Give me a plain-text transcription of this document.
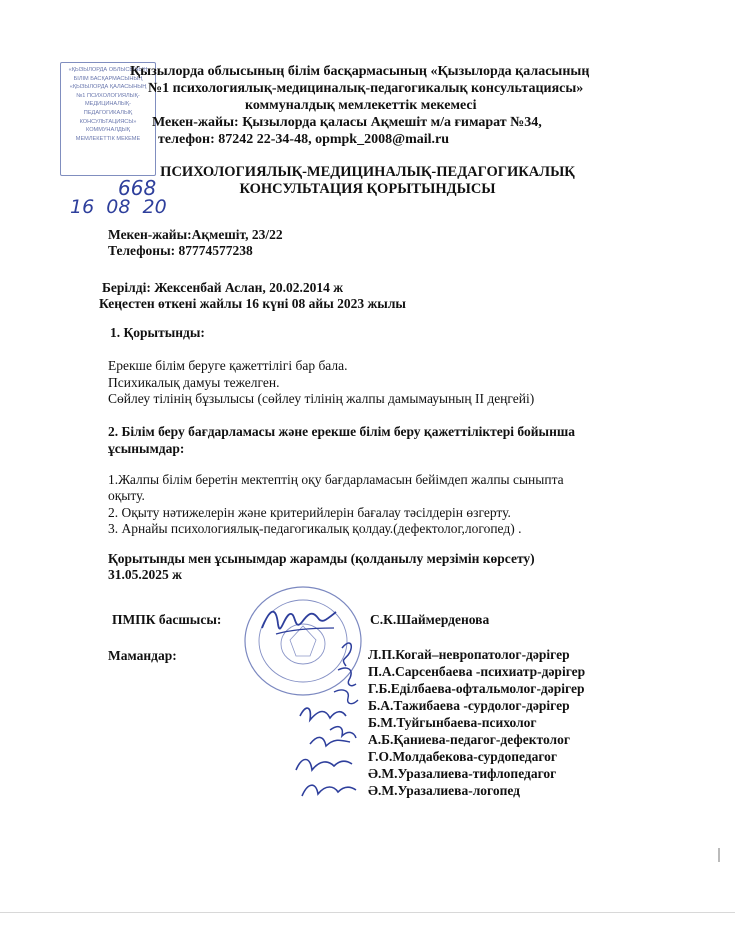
«ҚЫЗЫЛОРДА ОБЛЫСЫНЫҢ
БІЛІМ БАСҚАРМАСЫНЫҢ
«ҚЫЗЫЛОРДА ҚАЛАСЫНЫҢ
№1 ПСИХОЛОГИЯЛЫҚ-
МЕДИЦИНАЛЫҚ-
ПЕДАГОГИКАЛЫҚ
КОНСУЛЬТАЦИЯСЫ»
КОММУНАЛДЫҚ
МЕМЛЕКЕТТІК МЕКЕМЕ
668
16  08  20
Қызылорда облысының білім басқармасының «Қызылорда қаласының
№1 психологиялық-медициналық-педагогикалық консультациясы»
коммуналдық мемлекеттік мекемесі
Мекен-жайы: Қызылорда қаласы Ақмешіт м/а ғимарат №34,
телефон: 87242 22-34-48, opmpk_2008@mail.ru
ПСИХОЛОГИЯЛЫҚ-МЕДИЦИНАЛЫҚ-ПЕДАГОГИКАЛЫҚ
КОНСУЛЬТАЦИЯ ҚОРЫТЫНДЫСЫ
Мекен-жайы:Ақмешіт, 23/22
Телефоны: 87774577238
Берілді: Жексенбай Аслан, 20.02.2014 ж
Кеңестен өткені жайлы 16 күні 08 айы 2023 жылы
1. Қорытынды:
Ерекше білім беруге қажеттілігі бар бала.
Психикалық дамуы тежелген.
Сөйлеу тілінің бұзылысы (сөйлеу тілінің жалпы дамымауының II деңгейі)
2. Білім беру бағдарламасы және ерекше білім беру қажеттіліктері бойынша
ұсынымдар:
1.Жалпы білім беретін мектептің оқу бағдарламасын бейімдеп жалпы сыныпта
оқыту.
2. Оқыту нәтижелерін және критерийлерін бағалау тәсілдерін өзгерту.
3. Арнайы психологиялық-педагогикалық қолдау.(дефектолог,логопед) .
Қорытынды мен ұсынымдар жарамды (қолданылу мерзімін көрсету)
31.05.2025 ж
ПМПК басшысы:	С.К.Шаймерденова
Мамандар:	Л.П.Когай–невропатолог-дәрігер
П.А.Сарсенбаева -психиатр-дәрігер
Г.Б.Еділбаева-офтальмолог-дәрігер
Б.А.Тажибаева -сурдолог-дәрігер
Б.М.Туйгынбаева-психолог
А.Б.Қаниева-педагог-дефектолог
Г.О.Молдабекова-сурдопедагог
Ә.М.Уразалиева-тифлопедагог
Ә.М.Уразалиева-логопед
